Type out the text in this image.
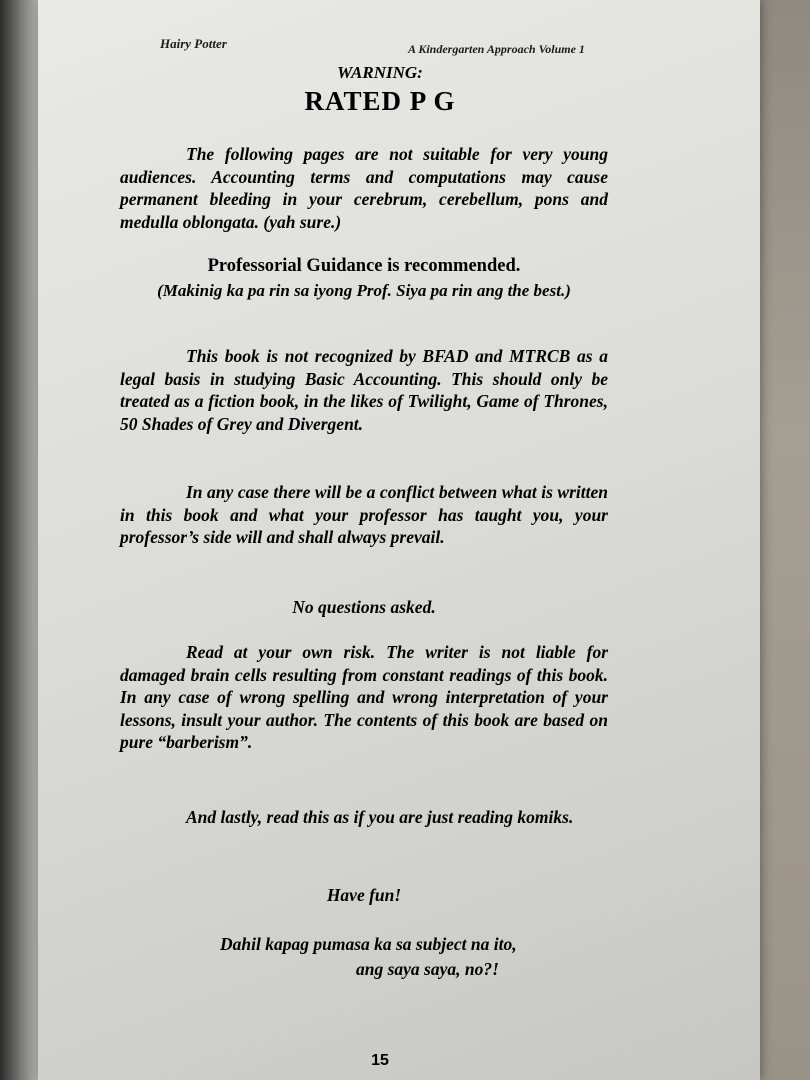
Hairy Potter	A Kindergarten Approach Volume 1
WARNING:
RATED P G

The following pages are not suitable for very young audiences. Accounting terms and computations may cause permanent bleeding in your cerebrum, cerebellum, pons and medulla oblongata. (yah sure.)

Professorial Guidance is recommended.
(Makinig ka pa rin sa iyong Prof. Siya pa rin ang the best.)

This book is not recognized by BFAD and MTRCB as a legal basis in studying Basic Accounting. This should only be treated as a fiction book, in the likes of Twilight, Game of Thrones, 50 Shades of Grey and Divergent.

In any case there will be a conflict between what is written in this book and what your professor has taught you, your professor’s side will and shall always prevail.

No questions asked.

Read at your own risk. The writer is not liable for damaged brain cells resulting from constant readings of this book. In any case of wrong spelling and wrong interpretation of your lessons, insult your author. The contents of this book are based on pure “barberism”.

And lastly, read this as if you are just reading komiks.

Have fun!
Dahil kapag pumasa ka sa subject na ito,
ang saya saya, no?!
15
